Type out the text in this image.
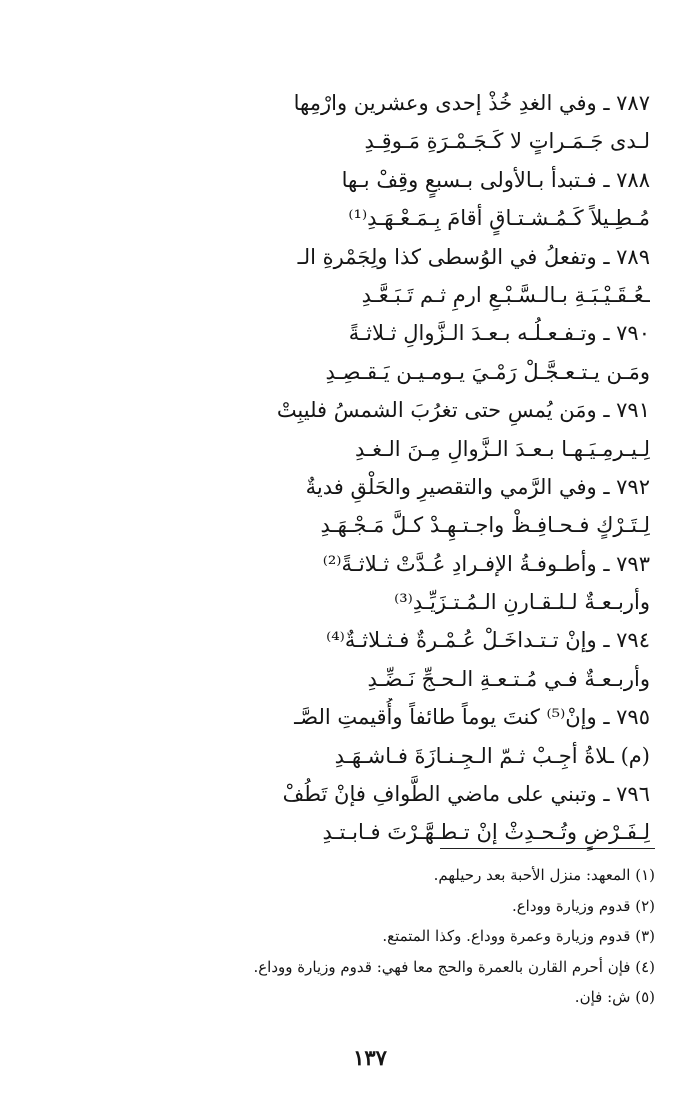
٧٨٧ ـ وفي الغدِ خُذْ إحدى وعشرين وارْمِها
لـدى جَـمَـراتٍ لا كَـجَـمْـرَةِ مَـوقِـدِ
٧٨٨ ـ فـتبدأ بـالأولى بـسبعٍ وقِفْ بـها
مُـطِـيلاً كَـمُـشـتـاقٍ أقامَ بِـمَـعْـهَـدِ⁽¹⁾
٧٨٩ ـ وتفعلُ في الوُسطى كذا ولِجَمْرةِ الـ
ـعُـقَـيْـبَـةِ بـالـسَّـبْـعِ ارمِ ثـم تَـبَـعَّـدِ
٧٩٠ ـ وتـفـعـلُـه بـعـدَ الـزَّوالِ ثـلاثـةً
ومَـن يـتـعـجَّـلْ رَمْـيَ يـومـيـن يَـقـصِـدِ
٧٩١ ـ ومَن يُمسِ حتى تغرُبَ الشمسُ فليبِتْ
لِـيـرمِـيَـهـا بـعـدَ الـزَّوالِ مِـنَ الـغـدِ
٧٩٢ ـ وفي الرَّمي والتقصيرِ والحَلْقِ فديةٌ
لِـتَـرْكٍ فـحـافِـظْ واجـتـهِـدْ كـلَّ مَـجْـهَـدِ
٧٩٣ ـ وأطـوفـةُ الإفـرادِ عُـدَّتْ ثـلاثـةً⁽²⁾
وأربـعـةٌ لـلـقـارنِ الـمُـتـزَيِّـدِ⁽³⁾
٧٩٤ ـ وإنْ تـتـداخَـلْ عُـمْـرةٌ فـثـلاثـةٌ⁽⁴⁾
وأربـعـةٌ فـي مُـتـعـةِ الـحـجِّ نَـضِّـدِ
٧٩٥ ـ وإنْ⁽⁵⁾ كنتَ يوماً طائفاً وأُقيمتِ الصَّـ
(م) ـلاةُ أجِـبْ ثـمّ الـجِـنـازَةَ فـاشـهَـدِ
٧٩٦ ـ وتبني على ماضي الطَّوافِ فإنْ تَطُفْ
لِـفَـرْضٍ وتُـحـدِثْ إنْ تـطـهَّـرْتَ فـابـتـدِ
(١) المعهد: منزل الأحبة بعد رحيلهم.
(٢) قدوم وزيارة ووداع.
(٣) قدوم وزيارة وعمرة ووداع. وكذا المتمتع.
(٤) فإن أحرم القارن بالعمرة والحج معا فهي: قدوم وزيارة ووداع.
(٥) ش: فإن.
١٣٧
